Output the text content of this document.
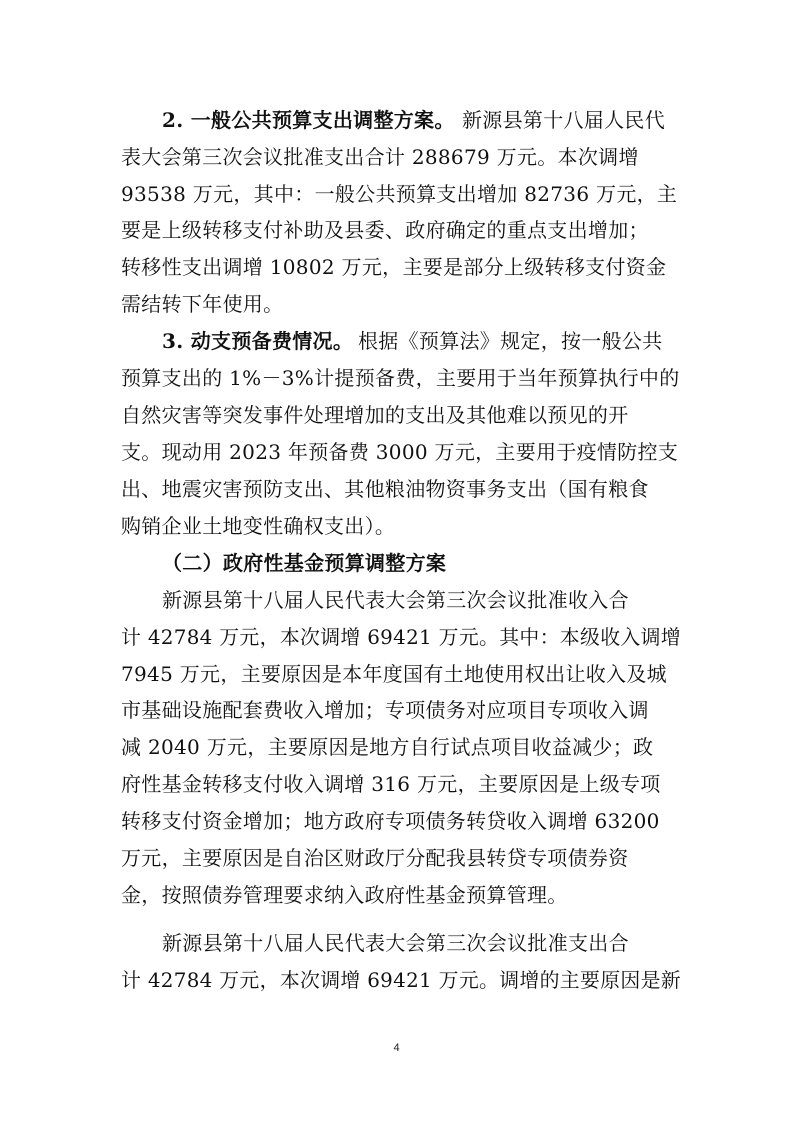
2. 一般公共预算支出调整方案。 新源县第十八届人民代
表大会第三次会议批准支出合计 288679 万元。本次调增
93538 万元，其中：一般公共预算支出增加 82736 万元，主
要是上级转移支付补助及县委、政府确定的重点支出增加；
转移性支出调增 10802 万元，主要是部分上级转移支付资金
需结转下年使用。
3. 动支预备费情况。 根据《预算法》规定，按一般公共
预算支出的 1%－3%计提预备费，主要用于当年预算执行中的
自然灾害等突发事件处理增加的支出及其他难以预见的开
支。现动用 2023 年预备费 3000 万元，主要用于疫情防控支
出、地震灾害预防支出、其他粮油物资事务支出（国有粮食
购销企业土地变性确权支出）。
（二）政府性基金预算调整方案
新源县第十八届人民代表大会第三次会议批准收入合
计 42784 万元，本次调增 69421 万元。其中：本级收入调增
7945 万元，主要原因是本年度国有土地使用权出让收入及城
市基础设施配套费收入增加；专项债务对应项目专项收入调
减 2040 万元，主要原因是地方自行试点项目收益减少；政
府性基金转移支付收入调增 316 万元，主要原因是上级专项
转移支付资金增加；地方政府专项债务转贷收入调增 63200
万元，主要原因是自治区财政厅分配我县转贷专项债券资
金，按照债券管理要求纳入政府性基金预算管理。
新源县第十八届人民代表大会第三次会议批准支出合
计 42784 万元，本次调增 69421 万元。调增的主要原因是新
4
